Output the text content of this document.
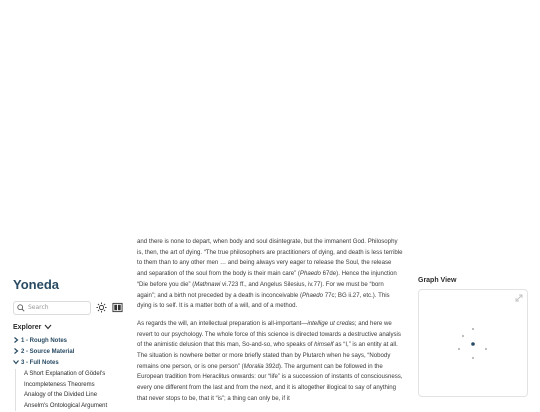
Yoneda
Search
Explorer
1 - Rough Notes
2 - Source Material
3 - Full Notes
A Short Explanation of Gödel's Incompleteness Theorems
Analogy of the Divided Line
Anselm's Ontological Argument

and there is none to depart, when body and soul disintegrate, but the immanent God. Philosophy is, then, the art of dying. “The true philosophers are practitioners of dying, and death is less terrible to them than to any other men … and being always very eager to release the Soul, the release and separation of the soul from the body is their main care” (Phaedo 67de). Hence the injunction “Die before you die” (Mathnawi vi.723 ff., and Angelus Silesius, iv.77). For we must be “born again”; and a birth not preceded by a death is inconceivable (Phaedo 77c; BG ii.27, etc.). This dying is to self. It is a matter both of a will, and of a method.

As regards the will, an intellectual preparation is all-important—intellige ut credas; and here we revert to our psychology. The whole force of this science is directed towards a destructive analysis of the animistic delusion that this man, So-and-so, who speaks of himself as “I,” is an entity at all. The situation is nowhere better or more briefly stated than by Plutarch when he says, “Nobody remains one person, or is one person” (Moralia 392d). The argument can be followed in the European tradition from Heraclitus onwards: our “life” is a succession of instants of consciousness, every one different from the last and from the next, and it is altogether illogical to say of anything that never stops to be, that it “is”; a thing can only be, if it

Graph View
